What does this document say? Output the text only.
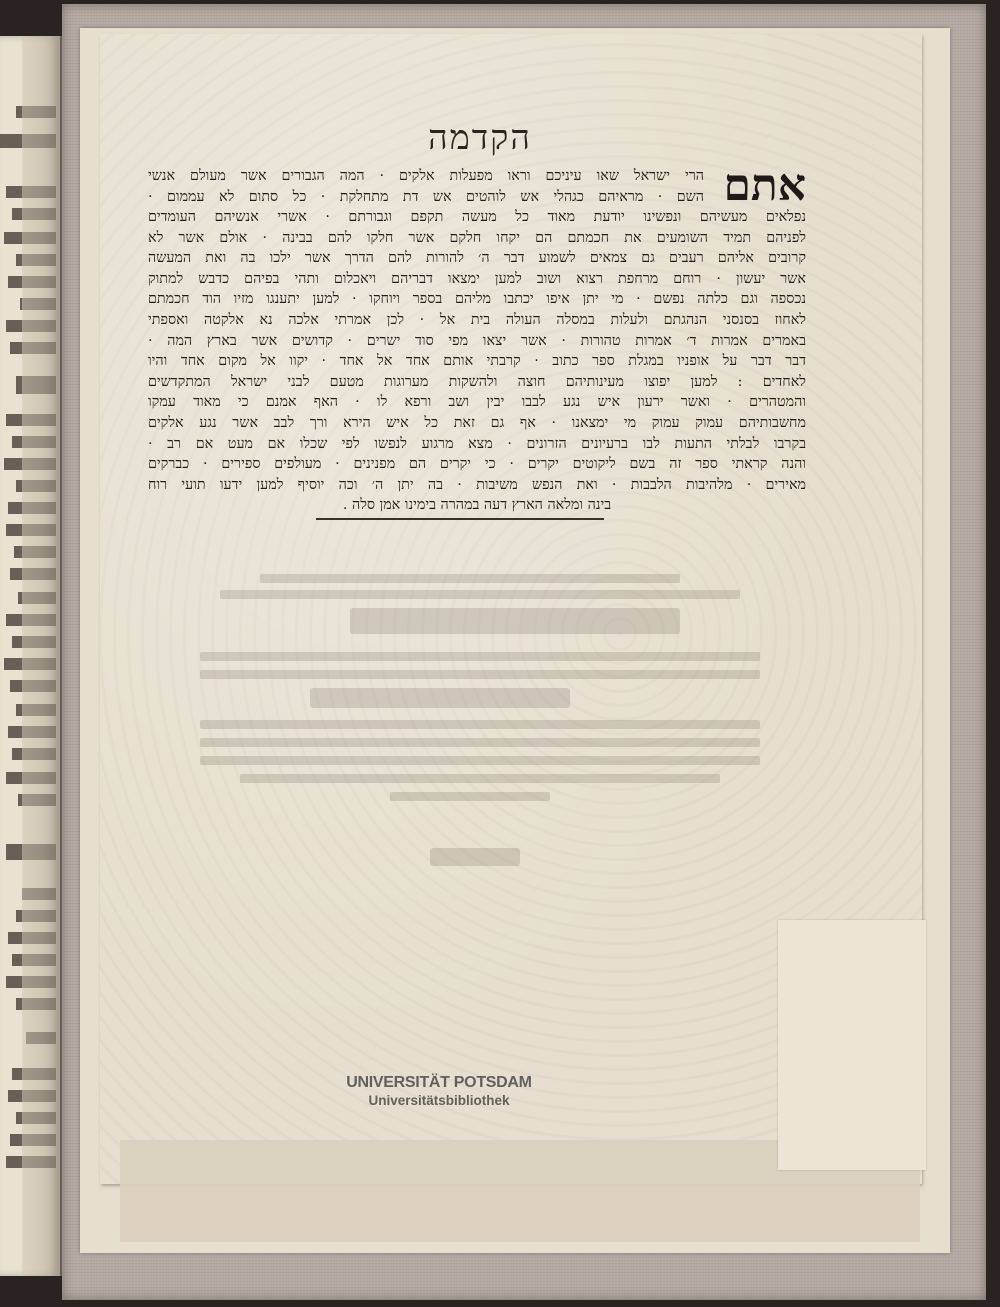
הקדמה
אתם
הרי ישראל שאו עיניכם וראו מפעלות אלקים · המה הגבורים אשר מעולם אנשי
השם · מראיהם כגהלי אש לוהטים אש דת מתחלקת · כל סתום לא עממום ·
נפלאים מעשיהם ונפשינו יודעת מאוד כל מעשה תקפם וגבורתם · אשרי אנשיהם העומדים
לפניהם תמיד השומעים את חכמתם הם יקחו חלקם אשר חלקו להם בבינה · אולם אשר לא
קרובים אליהם רעבים גם צמאים לשמוע דבר ה׳ להורות להם הדרך אשר ילכו בה ואת המעשה
אשר יעשון · רוחם מרחפת רצוא ושוב למען ימצאו דבריהם ויאכלום ותהי בפיהם כדבש למתוק
נכספה וגם כלתה נפשם · מי יתן איפו יכתבו מליהם בספר ויוחקו · למען יתענגו מזיו הוד חכמתם
לאחוז בסנסני הנהגתם ולעלות במסלה העולה בית אל · לכן אמרתי אלכה נא אלקטה ואספתי
באמרים אמרות ד׳ אמרות טהורות · אשר יצאו מפי סוד ישרים · קדושים אשר בארץ המה ·
דבר דבר על אופניו במגלת ספר כתוב · קרבתי אותם אחד אל אחד · יקוו אל מקום אחד והיו
לאחדים : למען יפוצו מעינותיהם חוצה ולהשקות מערוגות מטעם לבני ישראל המתקדשים
והמטהרים · ואשר ירעון איש נגע לבבו יבין ושב ורפא לו · האף אמנם כי מאוד עמקו
מחשבותיהם עמוק עמוק מי ימצאנו · אף גם זאת כל איש הירא ורך לבב אשר נגע אלקים
בקרבו לבלתי התעות לבו ברעיונים הזרונים · מצא מרגוע לנפשו לפי שכלו אם מעט אם רב ·
והנה קראתי ספר זה בשם ליקוטים יקרים · כי יקרים הם מפנינים · מעולפים ספירים · כברקים
מאירים · מלהיבות הלבבות · ואת הנפש משיבות · בה יתן ה׳ וכה יוסיף למען ידעו תועי רוח
בינה ומלאה הארץ דעה במהרה בימינו אמן סלה .
UNIVERSITÄT POTSDAM
Universitätsbibliothek
